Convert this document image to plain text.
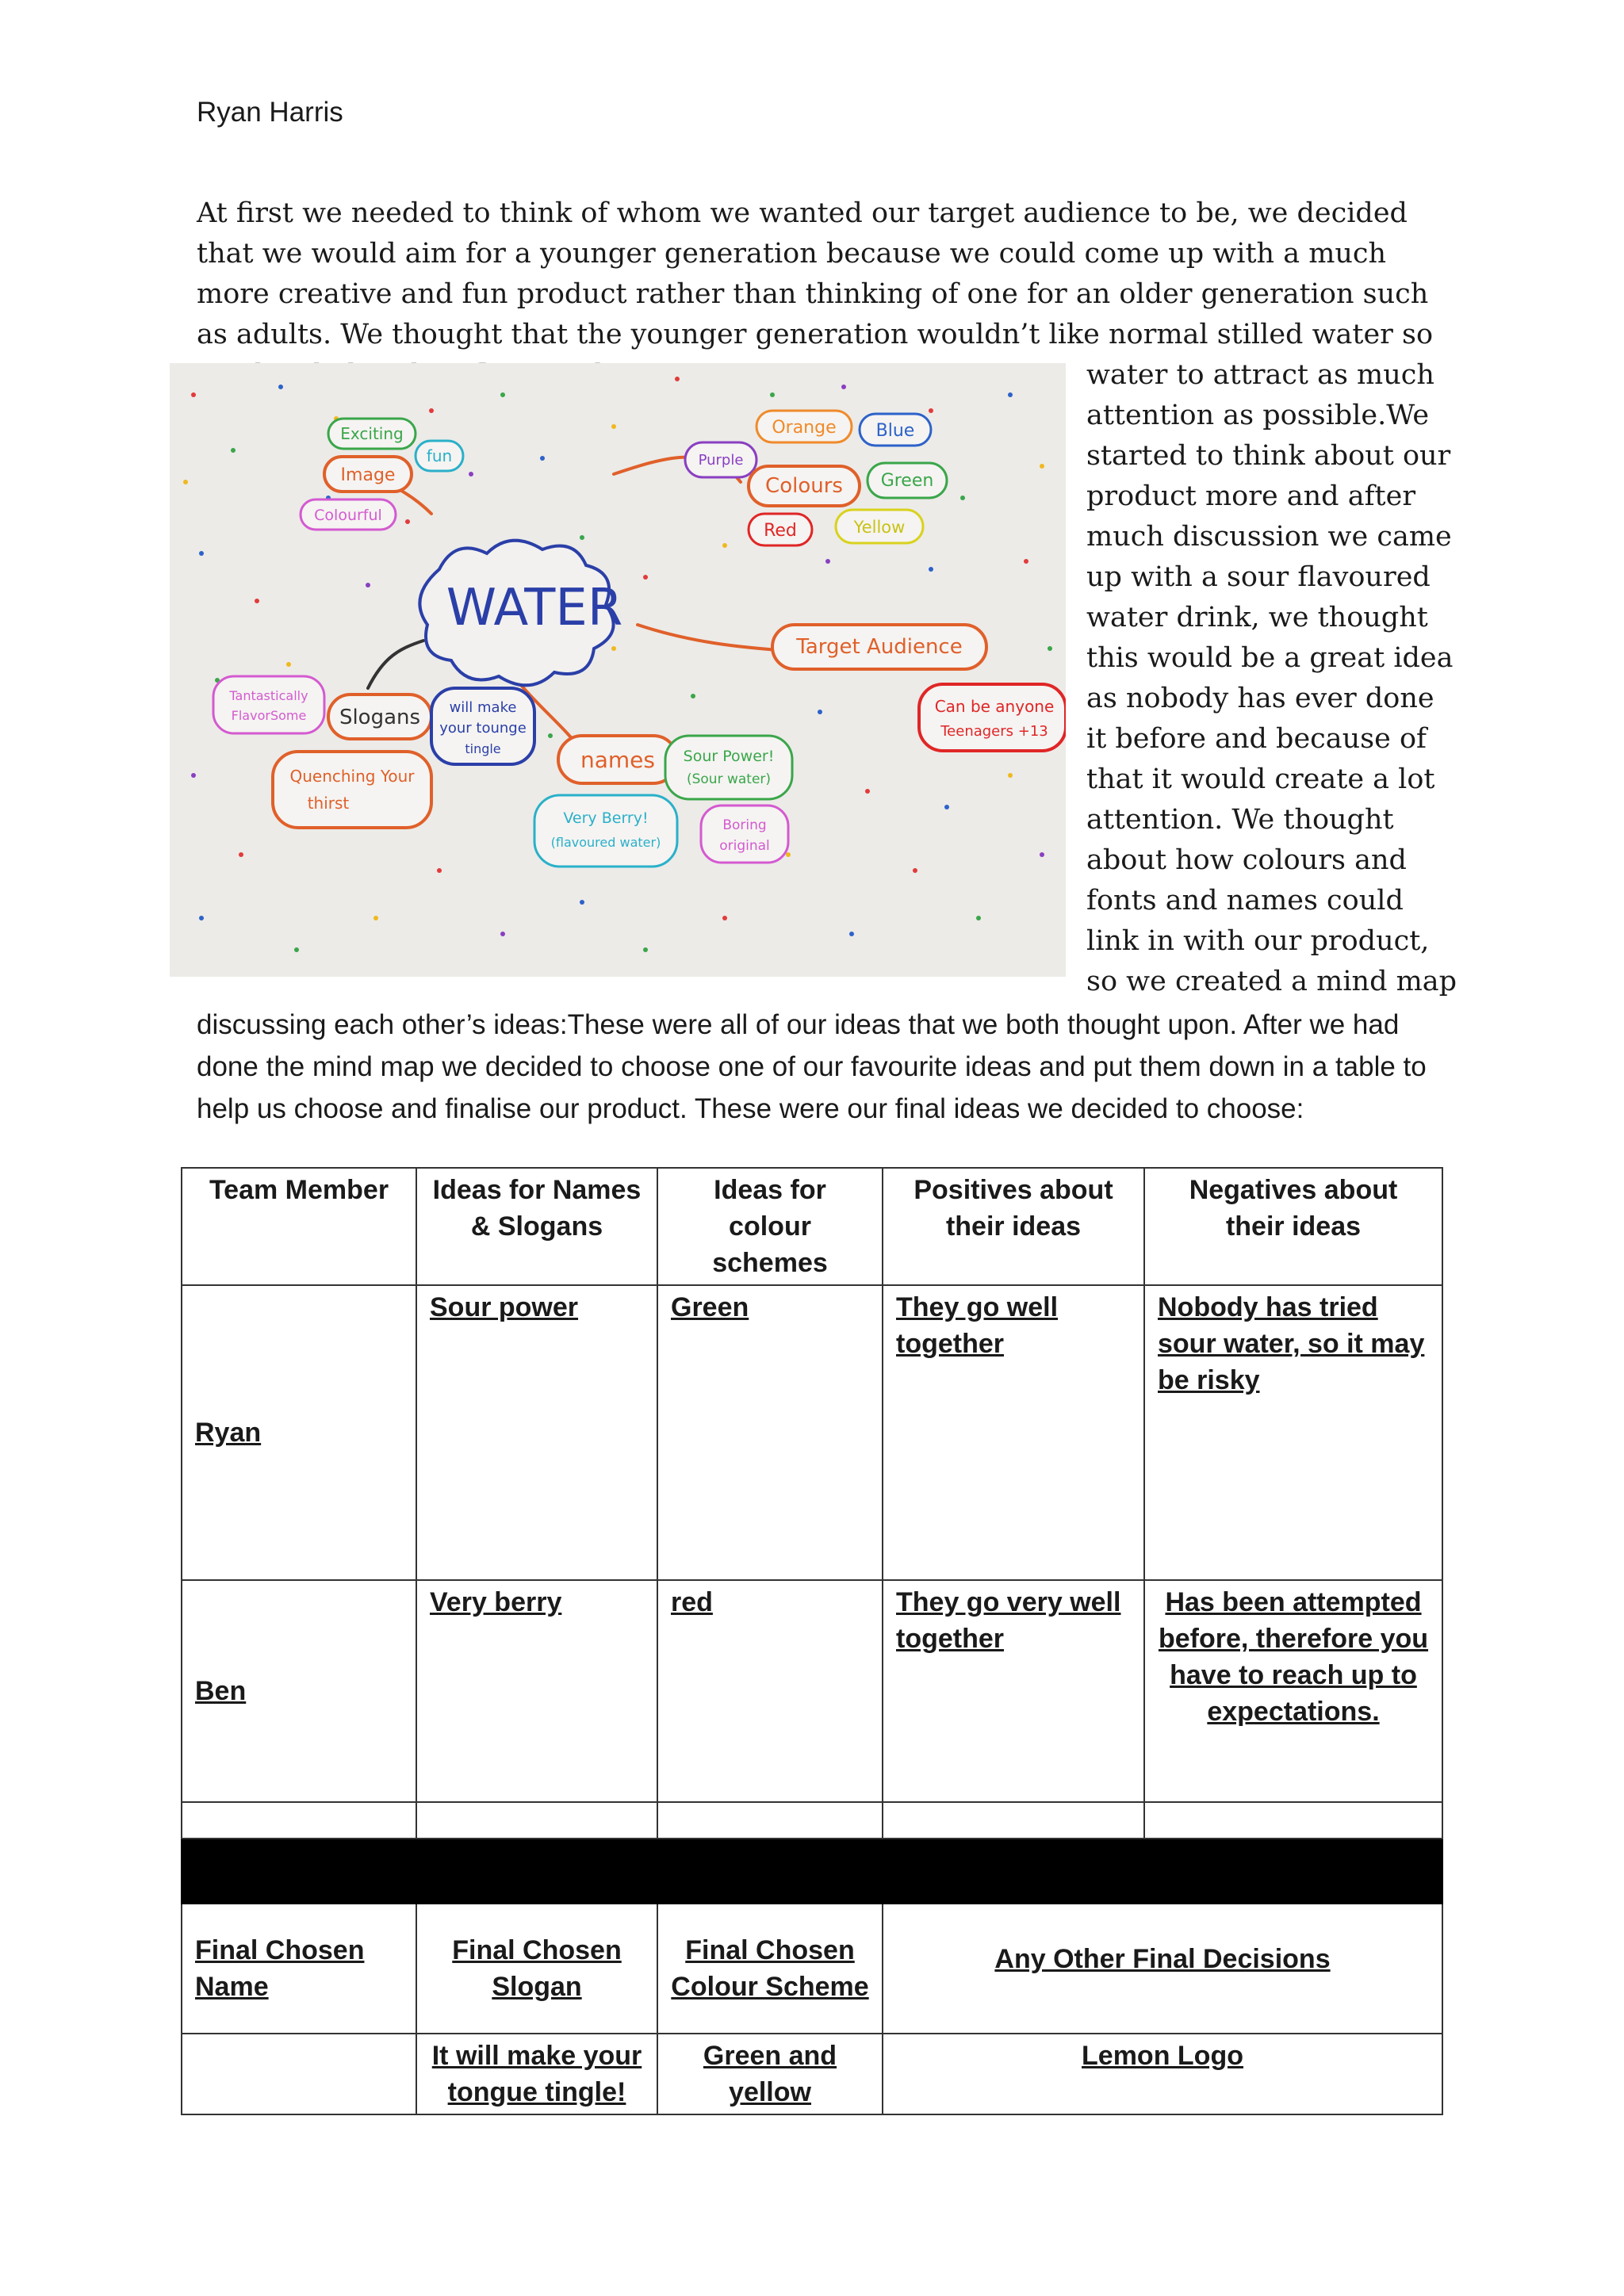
Ryan Harris

At first we needed to think of whom we wanted our target audience to be, we decided that we would aim for a younger generation because we could come up with a much more creative and fun product rather than thinking of one for an older generation such as adults. We thought that the younger generation wouldn’t like normal stilled water so

WATER
Image
Exciting
fun
Colourful
Orange Blue
Purple
Colours Green
Red	Yellow
Target Audience
Can be anyone
Teenagers +13
Tantastically
FlavorSome Slogans will make
your tounge
tingle
Quenching Your
thirst
names Sour Power!
(Sour water)
Very Berry!
(flavoured water)
Boring
original

water to attract as much attention as possible.We started to think about our product more and after much discussion we came up with a sour flavoured water drink, we thought this would be a great idea as nobody has ever done it before and because of that it would create a lot attention. We thought about how colours and fonts and names could link in with our product, so we created a mind map

discussing each other’s ideas:These were all of our ideas that we both thought upon. After we had done the mind map we decided to choose one of our favourite ideas and put them down in a table to help us choose and finalise our product. These were our final ideas we decided to choose:

Team Member	Ideas for Names & Slogans	Ideas for colour schemes	Positives about their ideas	Negatives about their ideas
Ryan	Sour power	Green	They go well together	Nobody has tried sour water, so it may be risky
Ben	Very berry	red	They go very well together	Has been attempted before, therefore you have to reach up to expectations.

Final Chosen Name	Final Chosen Slogan	Final Chosen Colour Scheme	Any Other Final Decisions	
	It will make your tongue tingle!	Green and yellow	Lemon Logo	
